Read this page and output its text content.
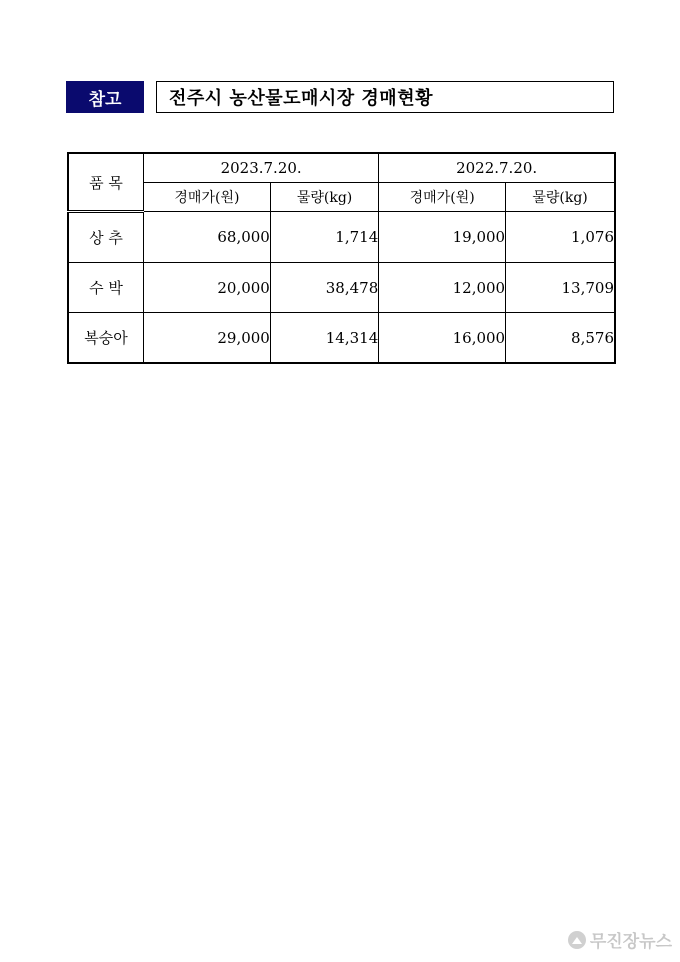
참고	전주시 농산물도매시장 경매현황
품 목	2023.7.20.		2022.7.20.	
	경매가(원)	물량(kg)	경매가(원)	물량(kg)
상 추	68,000	1,714	19,000	1,076
수 박	20,000	38,478	12,000	13,709
복숭아	29,000	14,314	16,000	8,576
무진장뉴스
